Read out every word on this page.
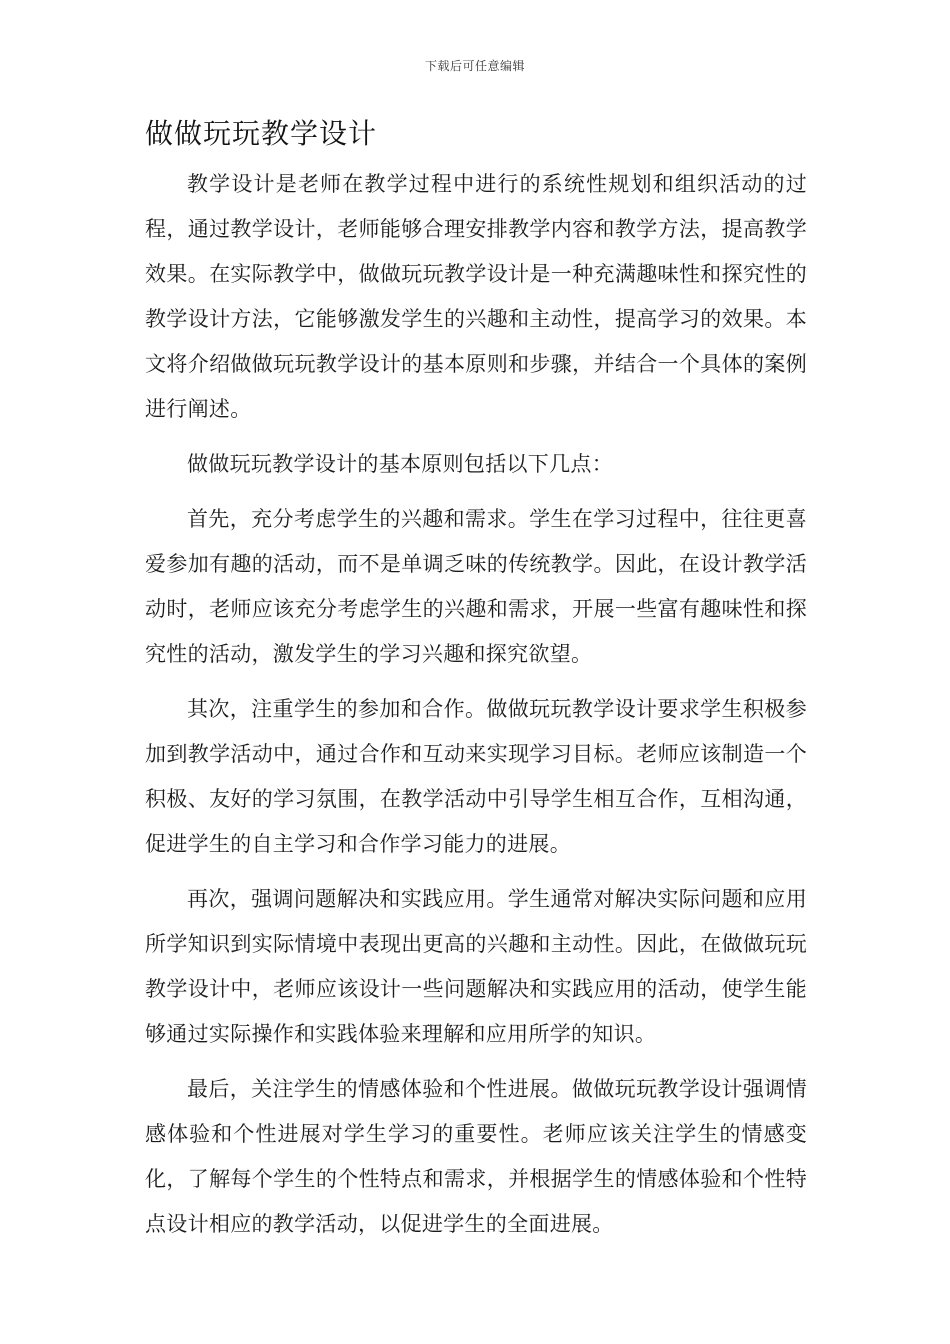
下载后可任意编辑
做做玩玩教学设计

教学设计是老师在教学过程中进行的系统性规划和组织活动的过程，通过教学设计，老师能够合理安排教学内容和教学方法，提高教学效果。在实际教学中，做做玩玩教学设计是一种充满趣味性和探究性的教学设计方法，它能够激发学生的兴趣和主动性，提高学习的效果。本文将介绍做做玩玩教学设计的基本原则和步骤，并结合一个具体的案例进行阐述。

做做玩玩教学设计的基本原则包括以下几点：

首先，充分考虑学生的兴趣和需求。学生在学习过程中，往往更喜爱参加有趣的活动，而不是单调乏味的传统教学。因此，在设计教学活动时，老师应该充分考虑学生的兴趣和需求，开展一些富有趣味性和探究性的活动，激发学生的学习兴趣和探究欲望。

其次，注重学生的参加和合作。做做玩玩教学设计要求学生积极参加到教学活动中，通过合作和互动来实现学习目标。老师应该制造一个积极、友好的学习氛围，在教学活动中引导学生相互合作，互相沟通，促进学生的自主学习和合作学习能力的进展。

再次，强调问题解决和实践应用。学生通常对解决实际问题和应用所学知识到实际情境中表现出更高的兴趣和主动性。因此，在做做玩玩教学设计中，老师应该设计一些问题解决和实践应用的活动，使学生能够通过实际操作和实践体验来理解和应用所学的知识。

最后，关注学生的情感体验和个性进展。做做玩玩教学设计强调情感体验和个性进展对学生学习的重要性。老师应该关注学生的情感变化，了解每个学生的个性特点和需求，并根据学生的情感体验和个性特点设计相应的教学活动，以促进学生的全面进展。
